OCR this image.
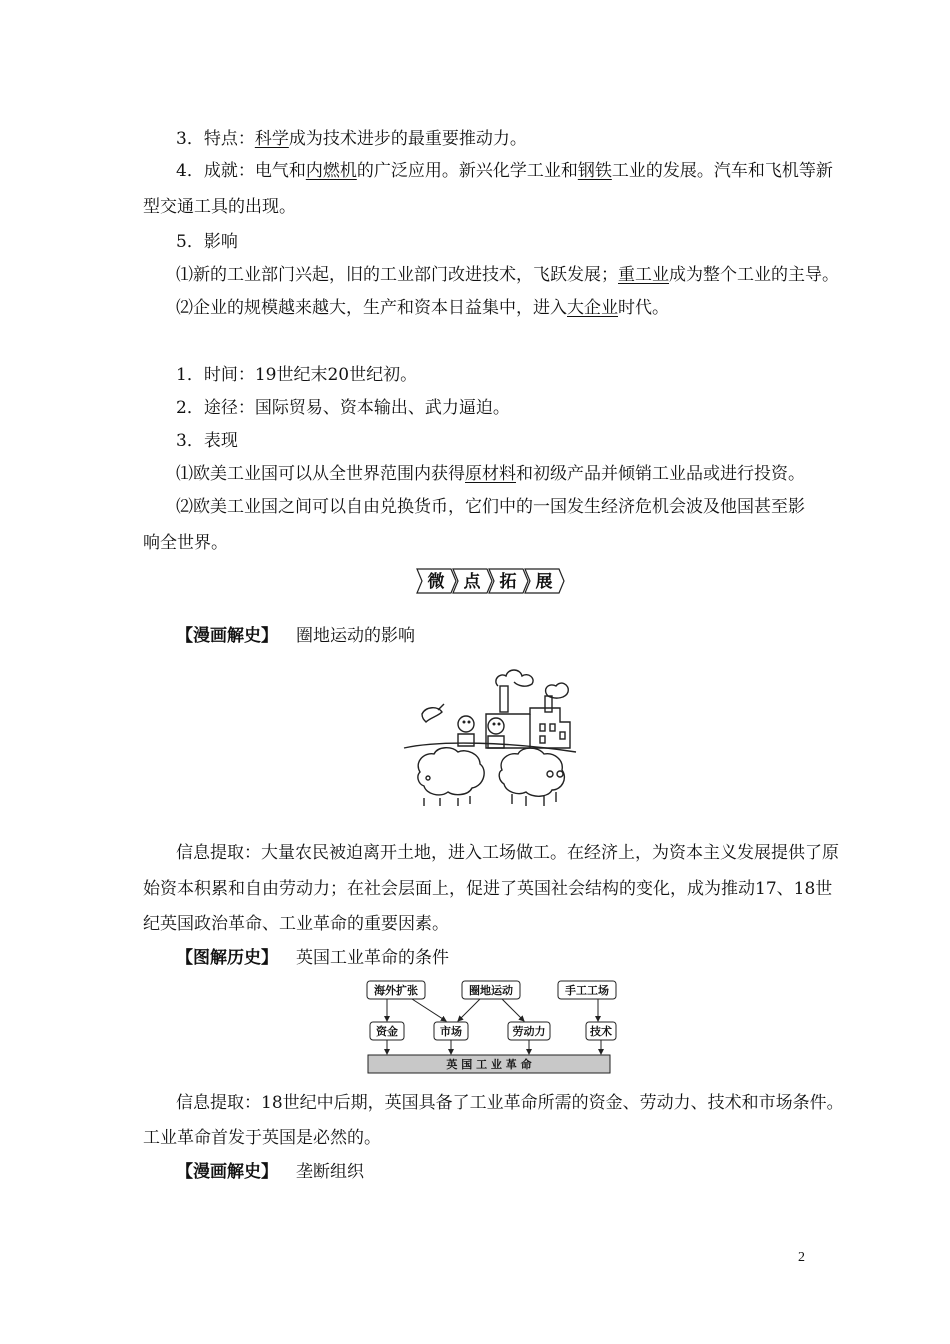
3．特点：科学成为技术进步的最重要推动力。
4．成就：电气和内燃机的广泛应用。新兴化学工业和钢铁工业的发展。汽车和飞机等新
型交通工具的出现。
5．影响
⑴新的工业部门兴起，旧的工业部门改进技术，飞跃发展；重工业成为整个工业的主导。
⑵企业的规模越来越大，生产和资本日益集中，进入大企业时代。
1．时间：19世纪末20世纪初。
2．途径：国际贸易、资本输出、武力逼迫。
3．表现
⑴欧美工业国可以从全世界范围内获得原材料和初级产品并倾销工业品或进行投资。
⑵欧美工业国之间可以自由兑换货币，它们中的一国发生经济危机会波及他国甚至影
响全世界。
微 点 拓 展
【漫画解史】 圈地运动的影响
信息提取：大量农民被迫离开土地，进入工场做工。在经济上，为资本主义发展提供了原
始资本积累和自由劳动力；在社会层面上，促进了英国社会结构的变化，成为推动17、18世
纪英国政治革命、工业革命的重要因素。
【图解历史】 英国工业革命的条件
海外扩张	圈地运动	手工工场
资金	市场	劳动力	技术
英 国 工 业 革 命
信息提取：18世纪中后期，英国具备了工业革命所需的资金、劳动力、技术和市场条件。
工业革命首发于英国是必然的。
【漫画解史】 垄断组织
2
